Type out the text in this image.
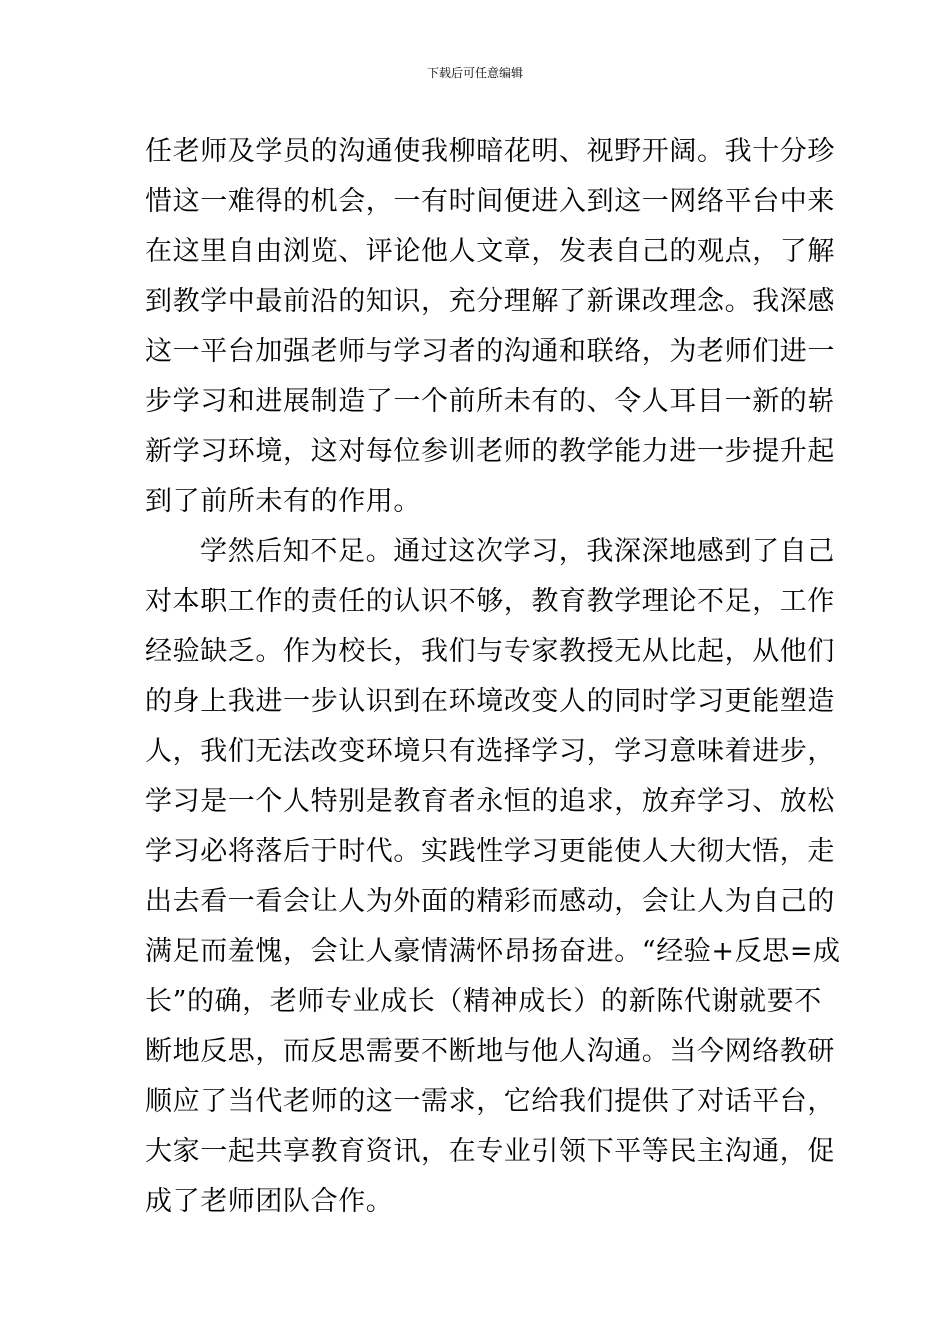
下载后可任意编辑
任老师及学员的沟通使我柳暗花明、视野开阔。我十分珍
惜这一难得的机会，一有时间便进入到这一网络平台中来
在这里自由浏览、评论他人文章，发表自己的观点，了解
到教学中最前沿的知识，充分理解了新课改理念。我深感
这一平台加强老师与学习者的沟通和联络，为老师们进一
步学习和进展制造了一个前所未有的、令人耳目一新的崭
新学习环境，这对每位参训老师的教学能力进一步提升起
到了前所未有的作用。
学然后知不足。通过这次学习，我深深地感到了自己
对本职工作的责任的认识不够，教育教学理论不足，工作
经验缺乏。作为校长，我们与专家教授无从比起，从他们
的身上我进一步认识到在环境改变人的同时学习更能塑造
人，我们无法改变环境只有选择学习，学习意味着进步，
学习是一个人特别是教育者永恒的追求，放弃学习、放松
学习必将落后于时代。实践性学习更能使人大彻大悟，走
出去看一看会让人为外面的精彩而感动，会让人为自己的
满足而羞愧，会让人豪情满怀昂扬奋进。“经验+反思=成
长”的确，老师专业成长（精神成长）的新陈代谢就要不
断地反思，而反思需要不断地与他人沟通。当今网络教研
顺应了当代老师的这一需求，它给我们提供了对话平台，
大家一起共享教育资讯，在专业引领下平等民主沟通，促
成了老师团队合作。
